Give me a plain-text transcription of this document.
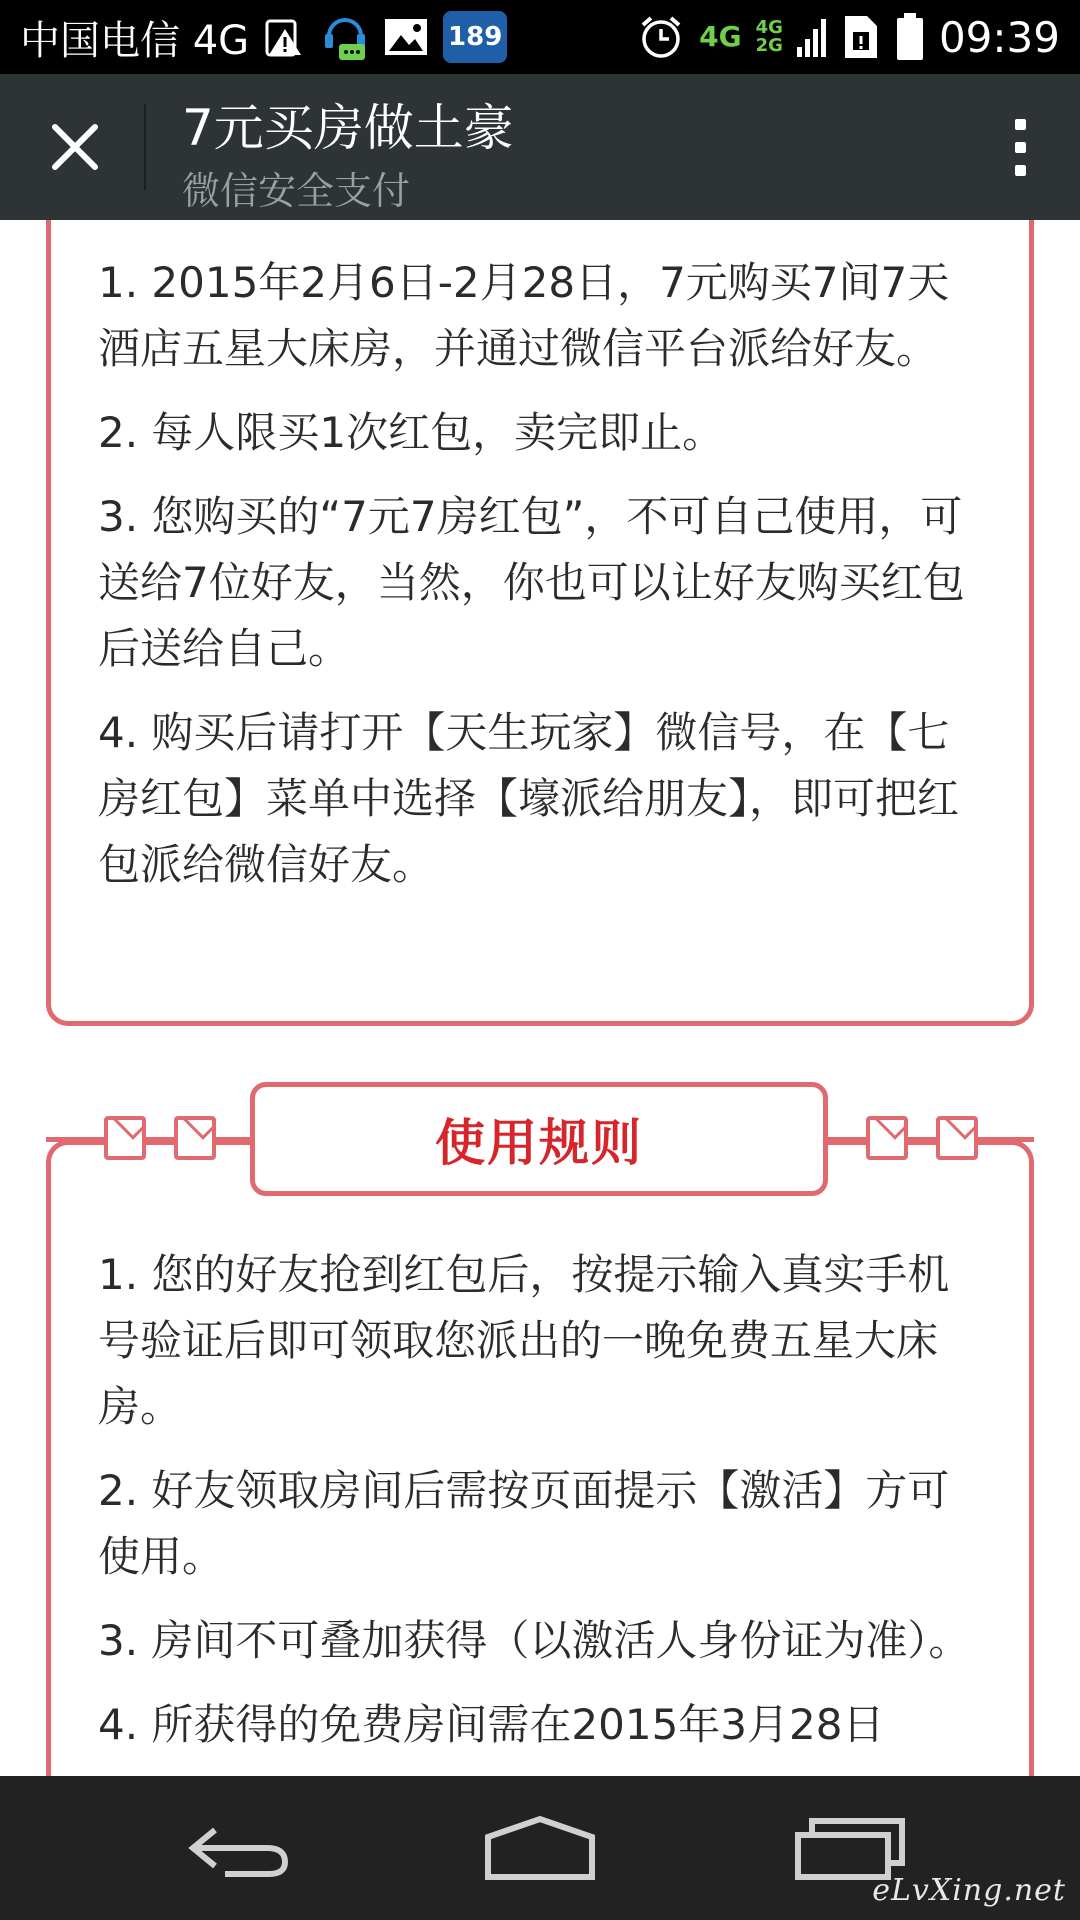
中国电信 4G	189	4G 4G
2G	09:39
7元买房做土豪
微信安全支付

1. 2015年2月6日-2月28日，7元购买7间7天酒店五星大床房，并通过微信平台派给好友。

2. 每人限买1次红包，卖完即止。

3. 您购买的“7元7房红包”，不可自己使用，可送给7位好友，当然，你也可以让好友购买红包后送给自己。

4. 购买后请打开【天生玩家】微信号，在【七房红包】菜单中选择【壕派给朋友】，即可把红包派给微信好友。

使用规则

1. 您的好友抢到红包后，按提示输入真实手机号验证后即可领取您派出的一晚免费五星大床房。

2. 好友领取房间后需按页面提示【激活】方可使用。

3. 房间不可叠加获得（以激活人身份证为准）。

4. 所获得的免费房间需在2015年3月28日

eLvXing.net
